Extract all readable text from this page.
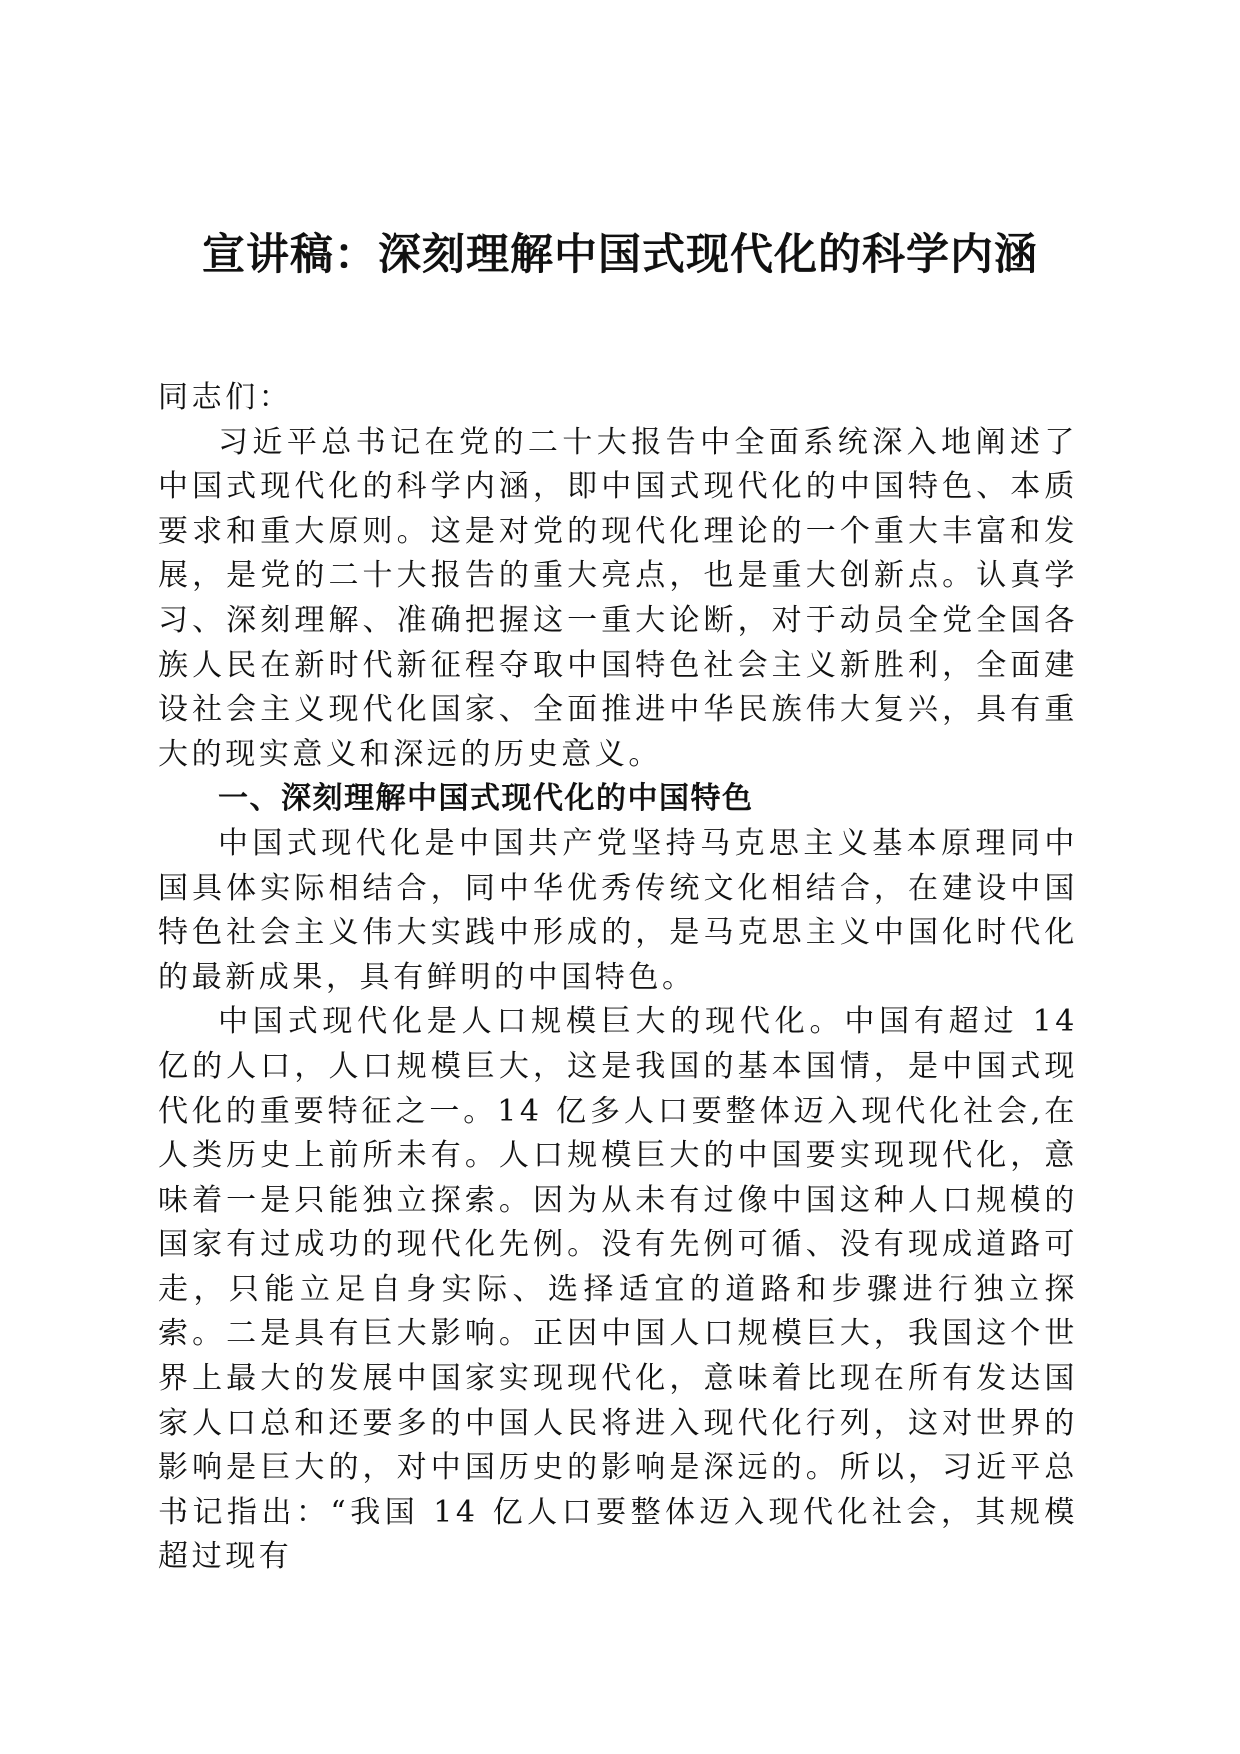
宣讲稿：深刻理解中国式现代化的科学内涵

同志们：

习近平总书记在党的二十大报告中全面系统深入地阐述了中国式现代化的科学内涵，即中国式现代化的中国特色、本质要求和重大原则。这是对党的现代化理论的一个重大丰富和发展，是党的二十大报告的重大亮点，也是重大创新点。认真学习、深刻理解、准确把握这一重大论断，对于动员全党全国各族人民在新时代新征程夺取中国特色社会主义新胜利，全面建设社会主义现代化国家、全面推进中华民族伟大复兴，具有重大的现实意义和深远的历史意义。

一、深刻理解中国式现代化的中国特色

中国式现代化是中国共产党坚持马克思主义基本原理同中国具体实际相结合，同中华优秀传统文化相结合，在建设中国特色社会主义伟大实践中形成的，是马克思主义中国化时代化的最新成果，具有鲜明的中国特色。

中国式现代化是人口规模巨大的现代化。中国有超过 14 亿的人口，人口规模巨大，这是我国的基本国情，是中国式现代化的重要特征之一。14 亿多人口要整体迈入现代化社会,在人类历史上前所未有。人口规模巨大的中国要实现现代化，意味着一是只能独立探索。因为从未有过像中国这种人口规模的国家有过成功的现代化先例。没有先例可循、没有现成道路可走，只能立足自身实际、选择适宜的道路和步骤进行独立探索。二是具有巨大影响。正因中国人口规模巨大，我国这个世界上最大的发展中国家实现现代化，意味着比现在所有发达国家人口总和还要多的中国人民将进入现代化行列，这对世界的影响是巨大的，对中国历史的影响是深远的。所以，习近平总书记指出：“我国 14 亿人口要整体迈入现代化社会，其规模超过现有
